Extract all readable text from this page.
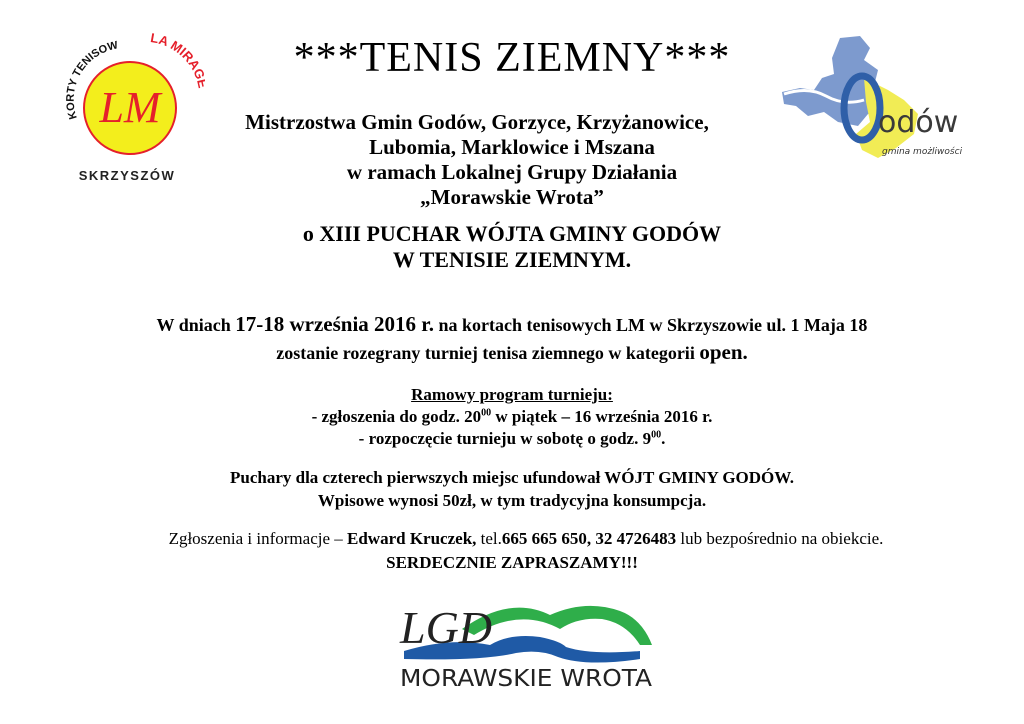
KORTY TENISOW
LA MIRA
LM
SKRZYSZÓW
odów
gmina możliwości
***TENIS ZIEMNY***
Mistrzostwa Gmin Godów, Gorzyce, Krzyżanowice,
Lubomia, Marklowice i Mszana
w ramach Lokalnej Grupy Działania
„Morawskie Wrota”
o XIII PUCHAR WÓJTA GMINY GODÓW
W TENISIE ZIEMNYM.
W dniach 17-18 września 2016 r. na kortach tenisowych LM w Skrzyszowie ul. 1 Maja 18
zostanie rozegrany turniej tenisa ziemnego w kategorii open.
Ramowy program turnieju:
- zgłoszenia do godz. $20^{00}$ w piątek – 16 września 2016 r.
- rozpoczęcie turnieju w sobotę o godz. $9^{00}$.
Puchary dla czterech pierwszych miejsc ufundował WÓJT GMINY GODÓW.
Wpisowe wynosi 50zł, w tym tradycyjna konsumpcja.
Zgłoszenia i informacje – Edward Kruczek, tel.665 665 650, 32 4726483 lub bezpośrednio na obiekcie.
SERDECZNIE ZAPRASZAMY!!!
LGD
MORAWSKIE WROTA
